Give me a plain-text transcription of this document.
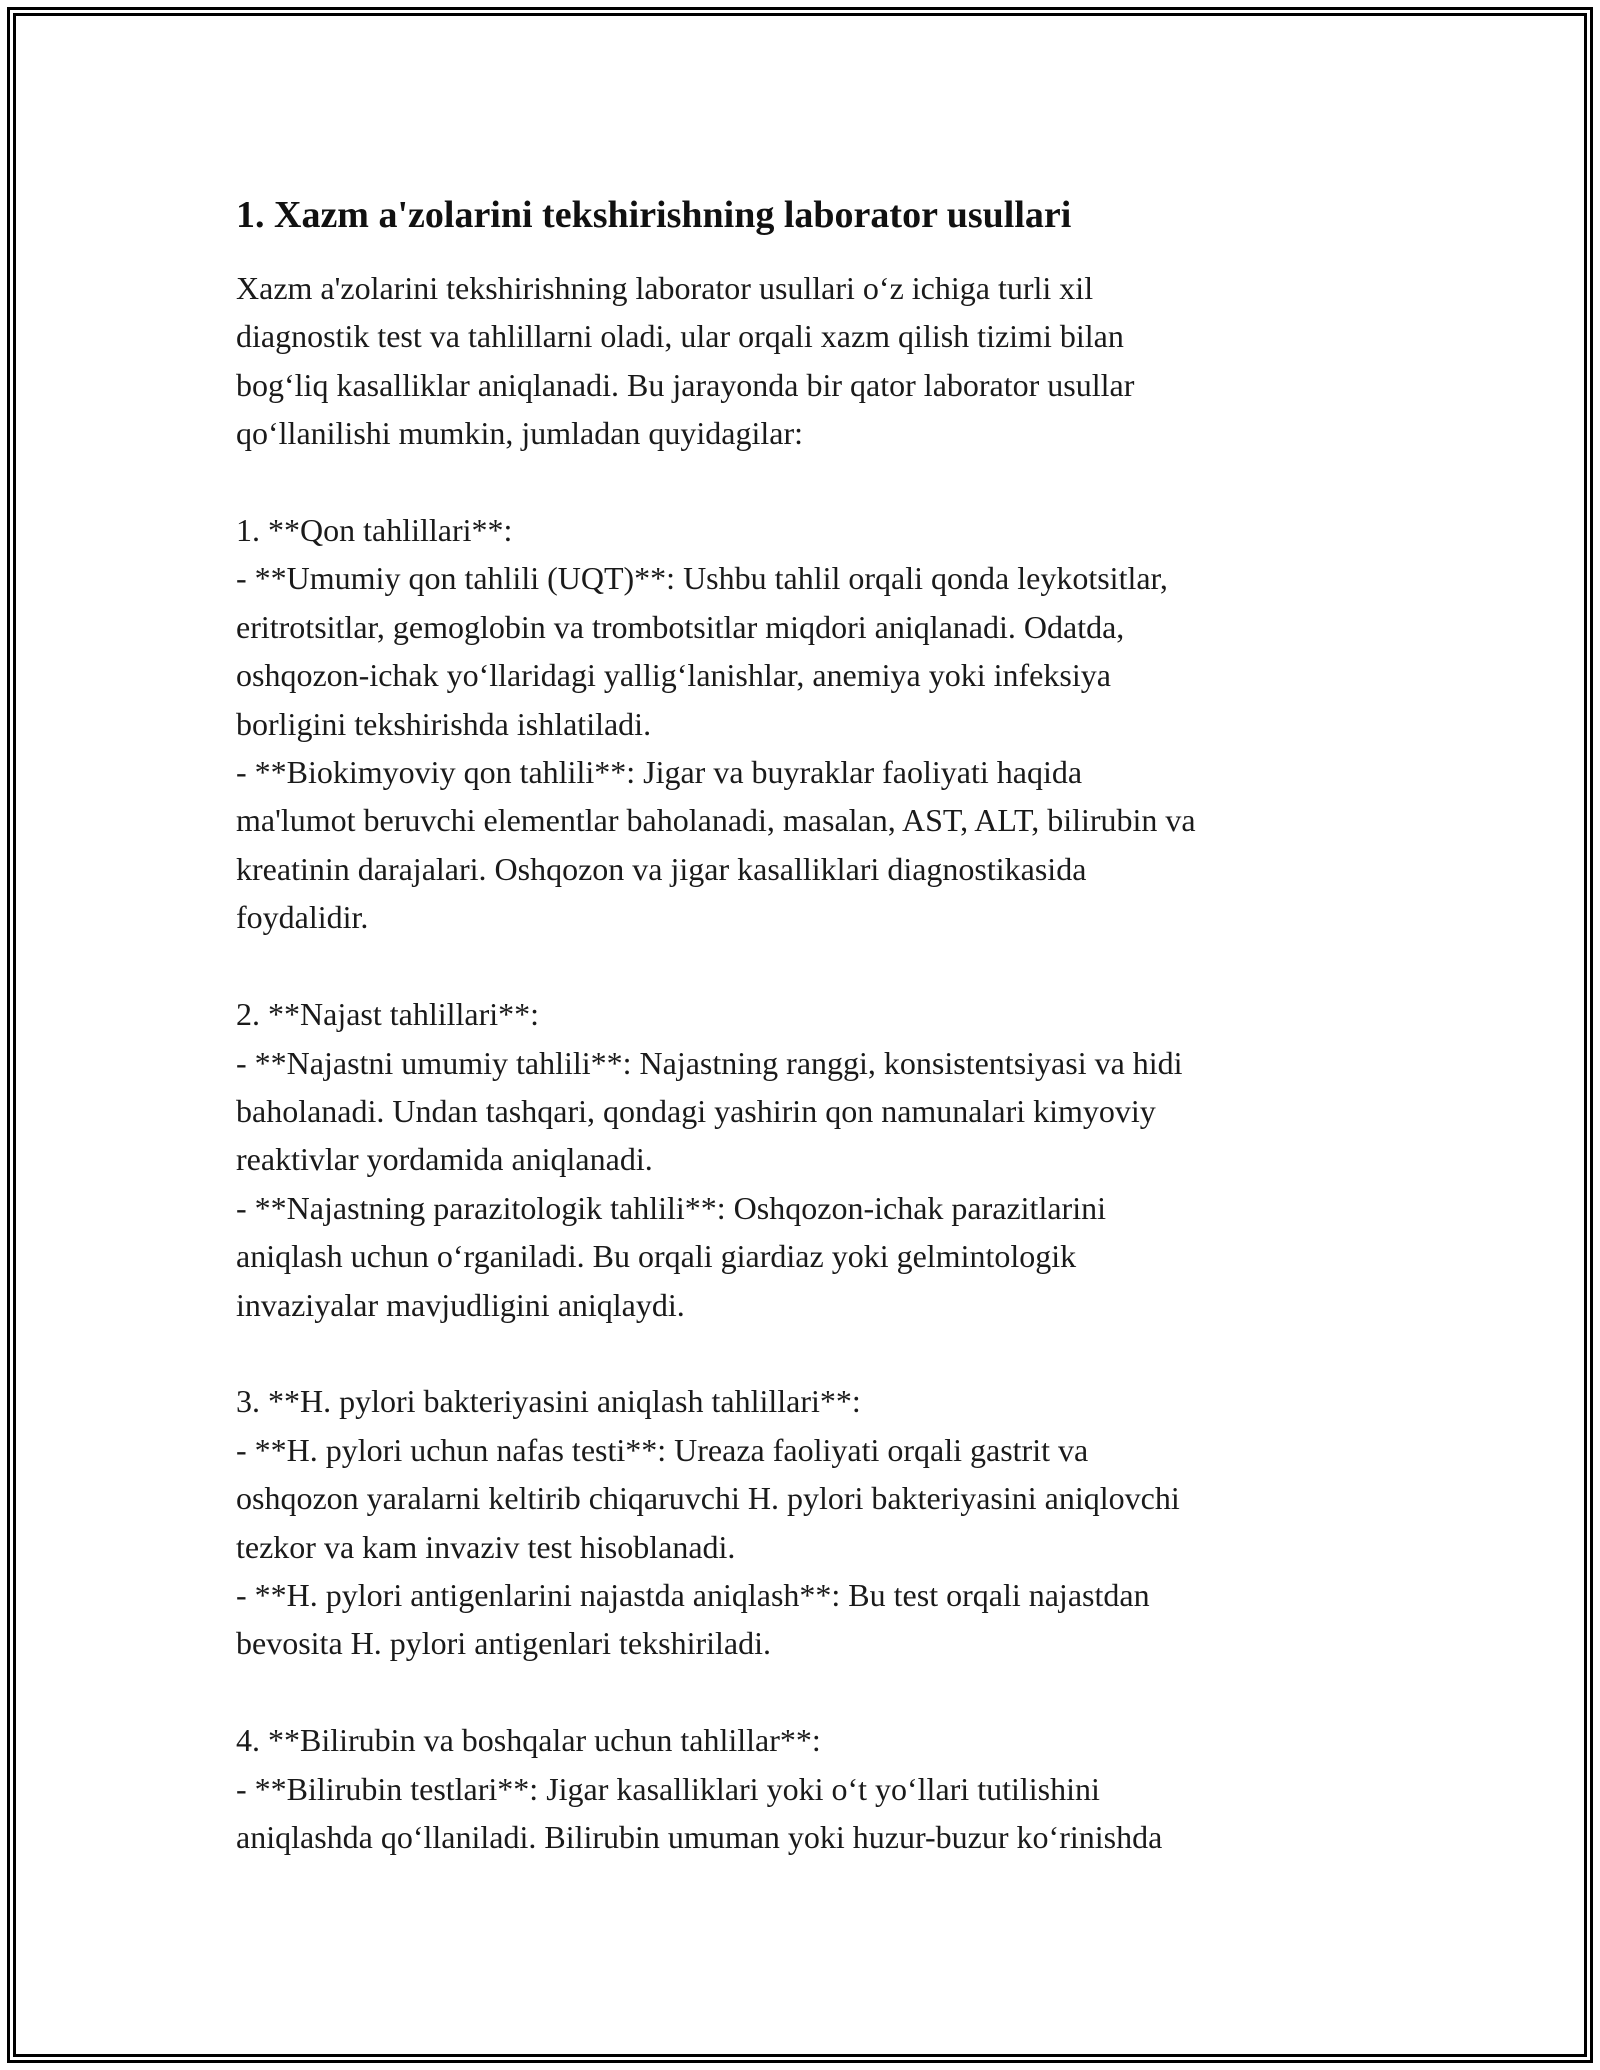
1. Xazm a'zolarini tekshirishning laborator usullari

Xazm a'zolarini tekshirishning laborator usullari o‘z ichiga turli xil
diagnostik test va tahlillarni oladi, ular orqali xazm qilish tizimi bilan
bog‘liq kasalliklar aniqlanadi. Bu jarayonda bir qator laborator usullar
qo‘llanilishi mumkin, jumladan quyidagilar:

1. **Qon tahlillari**:
- **Umumiy qon tahlili (UQT)**: Ushbu tahlil orqali qonda leykotsitlar,
eritrotsitlar, gemoglobin va trombotsitlar miqdori aniqlanadi. Odatda,
oshqozon-ichak yo‘llaridagi yallig‘lanishlar, anemiya yoki infeksiya
borligini tekshirishda ishlatiladi.
- **Biokimyoviy qon tahlili**: Jigar va buyraklar faoliyati haqida
ma'lumot beruvchi elementlar baholanadi, masalan, AST, ALT, bilirubin va
kreatinin darajalari. Oshqozon va jigar kasalliklari diagnostikasida
foydalidir.

2. **Najast tahlillari**:
- **Najastni umumiy tahlili**: Najastning ranggi, konsistentsiyasi va hidi
baholanadi. Undan tashqari, qondagi yashirin qon namunalari kimyoviy
reaktivlar yordamida aniqlanadi.
- **Najastning parazitologik tahlili**: Oshqozon-ichak parazitlarini
aniqlash uchun o‘rganiladi. Bu orqali giardiaz yoki gelmintologik
invaziyalar mavjudligini aniqlaydi.

3. **H. pylori bakteriyasini aniqlash tahlillari**:
- **H. pylori uchun nafas testi**: Ureaza faoliyati orqali gastrit va
oshqozon yaralarni keltirib chiqaruvchi H. pylori bakteriyasini aniqlovchi
tezkor va kam invaziv test hisoblanadi.
- **H. pylori antigenlarini najastda aniqlash**: Bu test orqali najastdan
bevosita H. pylori antigenlari tekshiriladi.

4. **Bilirubin va boshqalar uchun tahlillar**:
- **Bilirubin testlari**: Jigar kasalliklari yoki o‘t yo‘llari tutilishini
aniqlashda qo‘llaniladi. Bilirubin umuman yoki huzur-buzur ko‘rinishda
